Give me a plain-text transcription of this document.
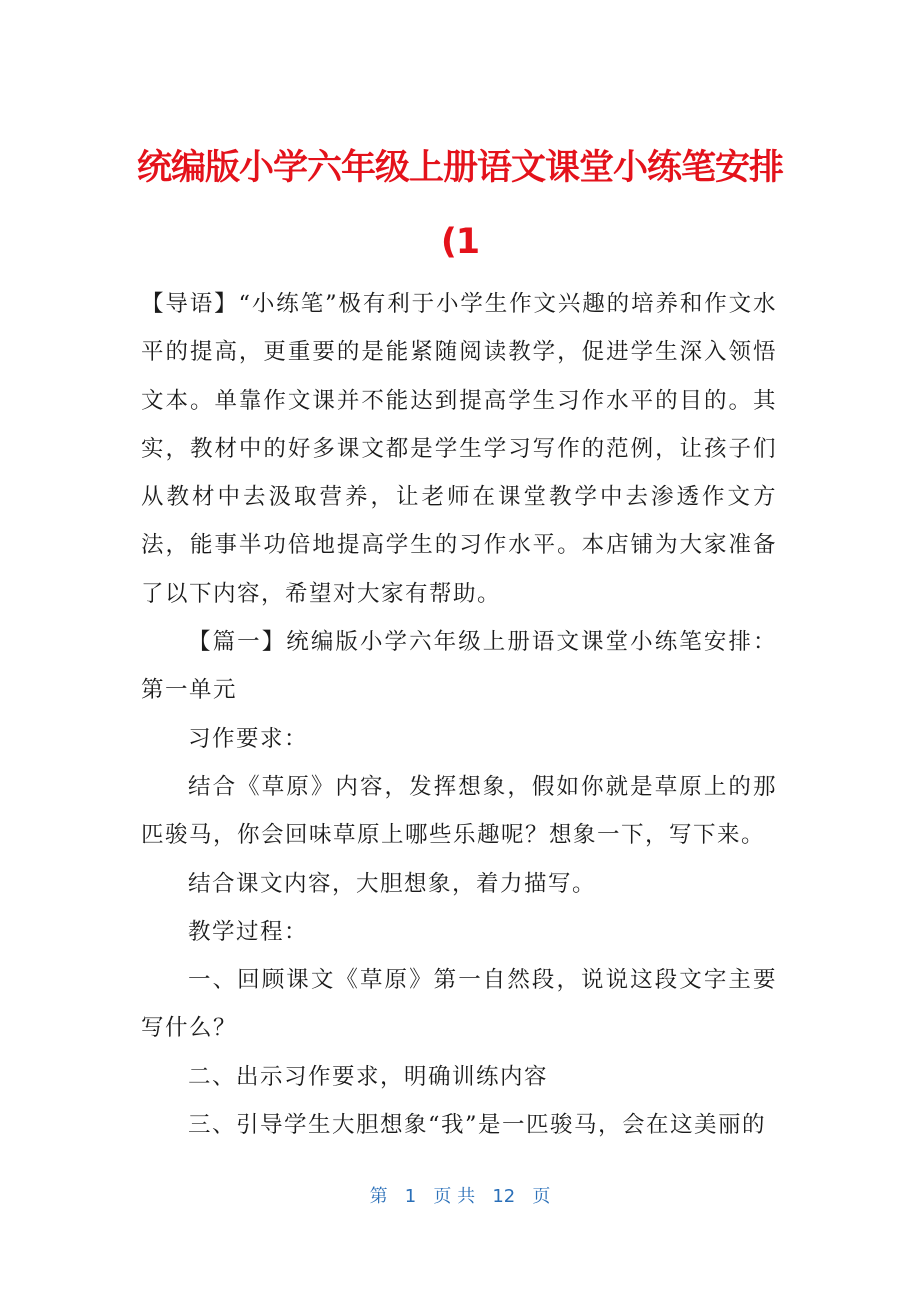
统编版小学六年级上册语文课堂小练笔安排
(1

【导语】“小练笔”极有利于小学生作文兴趣的培养和作文水平的提高，更重要的是能紧随阅读教学，促进学生深入领悟文本。单靠作文课并不能达到提高学生习作水平的目的。其实，教材中的好多课文都是学生学习写作的范例，让孩子们从教材中去汲取营养，让老师在课堂教学中去渗透作文方法，能事半功倍地提高学生的习作水平。本店铺为大家准备了以下内容，希望对大家有帮助。

【篇一】统编版小学六年级上册语文课堂小练笔安排：第一单元

习作要求：

结合《草原》内容，发挥想象，假如你就是草原上的那匹骏马，你会回味草原上哪些乐趣呢？想象一下，写下来。

结合课文内容，大胆想象，着力描写。

教学过程：

一、回顾课文《草原》第一自然段，说说这段文字主要写什么？

二、出示习作要求，明确训练内容

三、引导学生大胆想象“我”是一匹骏马，会在这美丽的

第 1 页 共 12 页
